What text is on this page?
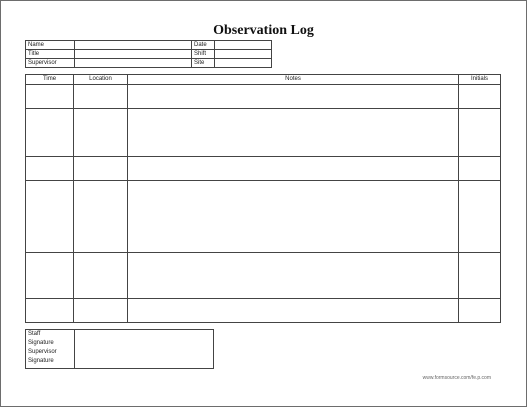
Observation Log
Name		Date	
Title		Shift	
Supervisor		Site	
Time	Location	Notes	Initials

Staff
Signature
Supervisor
Signature

www.formsource.com/fe.p.com
